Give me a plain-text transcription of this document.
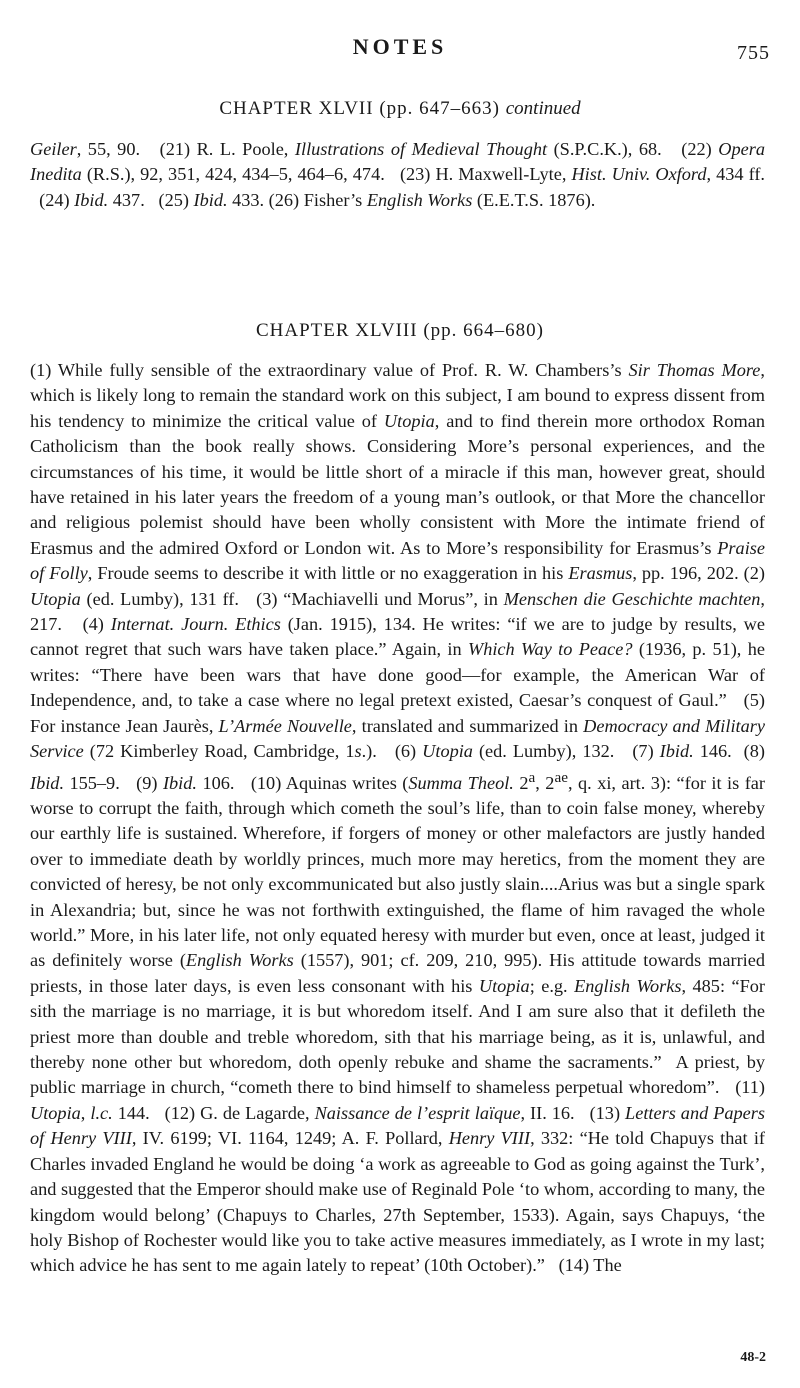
NOTES	755

CHAPTER XLVII (pp. 647–663) continued

Geiler, 55, 90.   (21) R. L. Poole, Illustrations of Medieval Thought (S.P.C.K.), 68.   (22) Opera Inedita (R.S.), 92, 351, 424, 434–5, 464–6, 474.   (23) H. Maxwell-Lyte, Hist. Univ. Oxford, 434 ff.   (24) Ibid. 437.   (25) Ibid. 433. (26) Fisher’s English Works (E.E.T.S. 1876).

CHAPTER XLVIII (pp. 664–680)

(1) While fully sensible of the extraordinary value of Prof. R. W. Chambers’s Sir Thomas More, which is likely long to remain the standard work on this subject, I am bound to express dissent from his tendency to minimize the critical value of Utopia, and to find therein more orthodox Roman Catholicism than the book really shows. Considering More’s personal experiences, and the circumstances of his time, it would be little short of a miracle if this man, however great, should have retained in his later years the freedom of a young man’s outlook, or that More the chancellor and religious polemist should have been wholly consistent with More the intimate friend of Erasmus and the admired Oxford or London wit. As to More’s responsibility for Erasmus’s Praise of Folly, Froude seems to describe it with little or no exaggeration in his Erasmus, pp. 196, 202. (2) Utopia (ed. Lumby), 131 ff.   (3) “Machiavelli und Morus”, in Menschen die Geschichte machten, 217.   (4) Internat. Journ. Ethics (Jan. 1915), 134. He writes: “if we are to judge by results, we cannot regret that such wars have taken place.” Again, in Which Way to Peace? (1936, p. 51), he writes: “There have been wars that have done good—for example, the American War of Independence, and, to take a case where no legal pretext existed, Caesar’s conquest of Gaul.”   (5) For instance Jean Jaurès, L’Armée Nouvelle, translated and summarized in Democracy and Military Service (72 Kimberley Road, Cambridge, 1s.).   (6) Utopia (ed. Lumby), 132.   (7) Ibid. 146.  (8) Ibid. 155–9.   (9) Ibid. 106.   (10) Aquinas writes (Summa Theol. 2$^a$, $2^{ae}$, q. xi, art. 3): “for it is far worse to corrupt the faith, through which cometh the soul’s life, than to coin false money, whereby our earthly life is sustained. Wherefore, if forgers of money or other malefactors are justly handed over to immediate death by worldly princes, much more may heretics, from the moment they are convicted of heresy, be not only excommunicated but also justly slain....Arius was but a single spark in Alexandria; but, since he was not forthwith extinguished, the flame of him ravaged the whole world.” More, in his later life, not only equated heresy with murder but even, once at least, judged it as definitely worse (English Works (1557), 901; cf. 209, 210, 995). His attitude towards married priests, in those later days, is even less consonant with his Utopia; e.g. English Works, 485: “For sith the marriage is no marriage, it is but whoredom itself. And I am sure also that it defileth the priest more than double and treble whoredom, sith that his marriage being, as it is, unlawful, and thereby none other but whoredom, doth openly rebuke and shame the sacraments.”  A priest, by public marriage in church, “cometh there to bind himself to shameless perpetual whoredom”.   (11) Utopia, l.c. 144.   (12) G. de Lagarde, Naissance de l’esprit laïque, II. 16.   (13) Letters and Papers of Henry VIII, IV. 6199; VI. 1164, 1249; A. F. Pollard, Henry VIII, 332: “He told Chapuys that if Charles invaded England he would be doing ‘a work as agreeable to God as going against the Turk’, and suggested that the Emperor should make use of Reginald Pole ‘to whom, according to many, the kingdom would belong’ (Chapuys to Charles, 27th September, 1533). Again, says Chapuys, ‘the holy Bishop of Rochester would like you to take active measures immediately, as I wrote in my last; which advice he has sent to me again lately to repeat’ (10th October).”   (14) The

48-2
